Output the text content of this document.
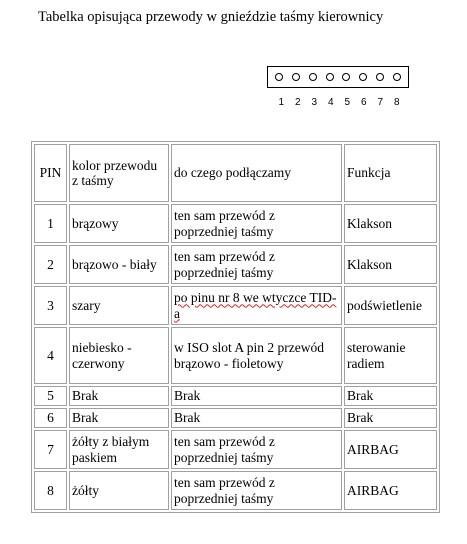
Tabelka opisująca przewody w gnieździe taśmy kierownicy
1	2	3	4	5	6	7	8
PIN	kolor przewodu z taśmy	do czego podłączamy	Funkcja
1	brązowy	ten sam przewód z poprzedniej taśmy	Klakson
2	brązowo - biały	ten sam przewód z poprzedniej taśmy	Klakson
3	szary	po pinu nr 8 we wtyczce TID-a	podświetlenie
4	niebiesko - czerwony	w ISO slot A pin 2 przewód brązowo - fioletowy	sterowanie radiem
5	Brak	Brak	Brak
6	Brak	Brak	Brak
7	żółty z białym paskiem	ten sam przewód z poprzedniej taśmy	AIRBAG
8	żółty	ten sam przewód z poprzedniej taśmy	AIRBAG
